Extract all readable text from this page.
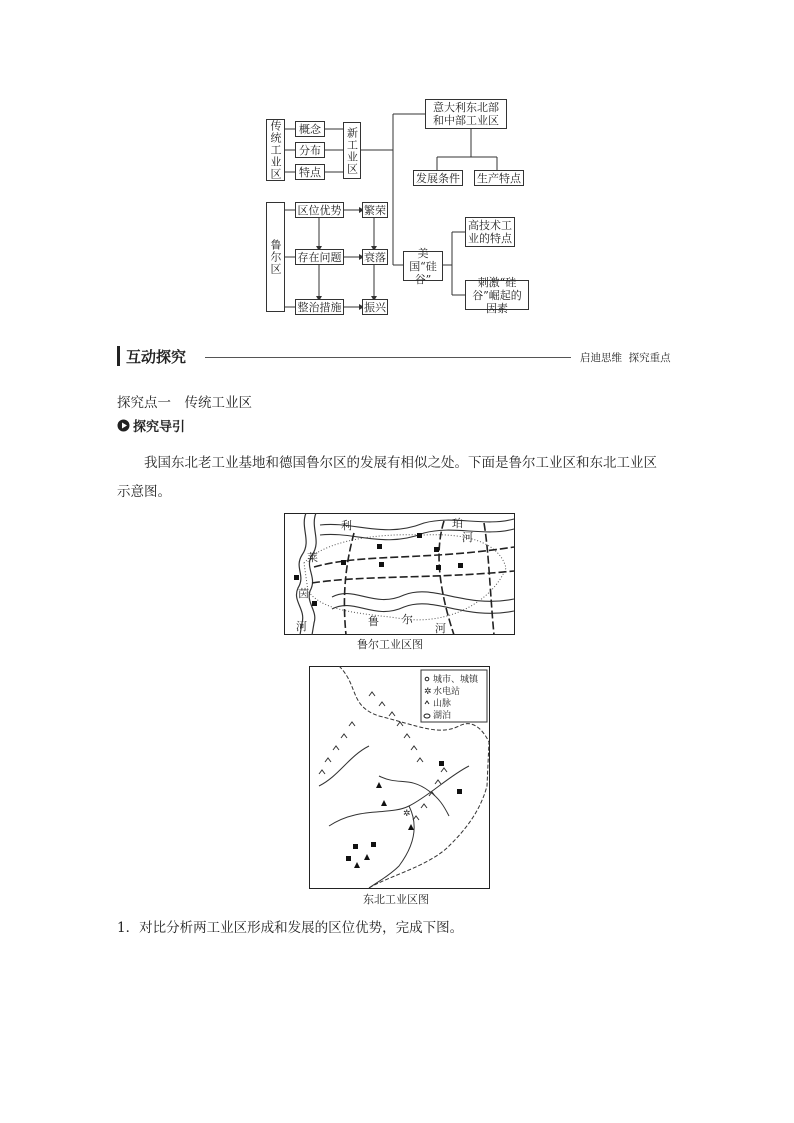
传统工业区	概念
分布
特点	新工业区
意大利东北部和中部工业区
发展条件 生产特点
鲁尔区
区位优势 繁荣
存在问题 衰落
整治措施 振兴
美国“硅谷”
高技术工业的特点
刺激“硅谷”崛起的因素
互动探究	启迪思维  探究重点
探究点一　传统工业区
探究导引
我国东北老工业基地和德国鲁尔区的发展有相似之处。下面是鲁尔工业区和东北工业区
示意图。
利	珀
河
莱
茵
河	鲁 尔
河
鲁尔工业区图
城市、城镇
✲ 水电站
山脉
湖泊
✲
东北工业区图
1．对比分析两工业区形成和发展的区位优势，完成下图。
